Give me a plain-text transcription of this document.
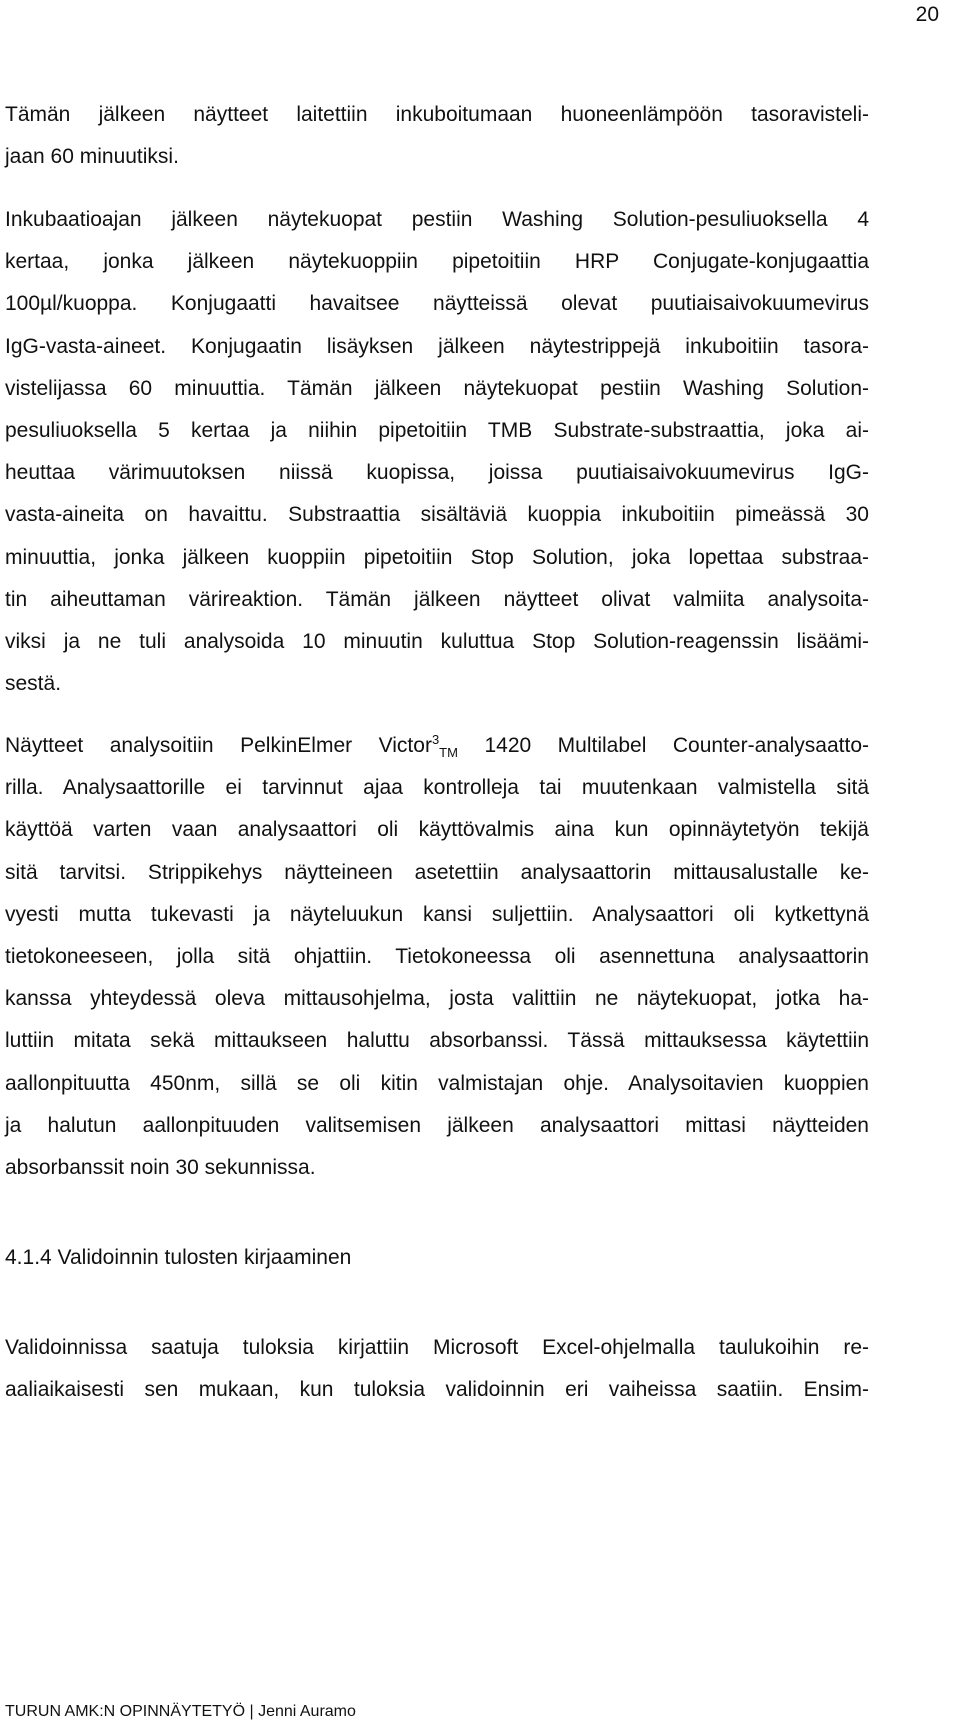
20

Tämän jälkeen näytteet laitettiin inkuboitumaan huoneenlämpöön tasoravisteli-
jaan 60 minuutiksi.

Inkubaatioajan jälkeen näytekuopat pestiin Washing Solution-pesuliuoksella 4
kertaa, jonka jälkeen näytekuoppiin pipetoitiin HRP Conjugate-konjugaattia
100µl/kuoppa. Konjugaatti havaitsee näytteissä olevat puutiaisaivokuumevirus
IgG-vasta-aineet. Konjugaatin lisäyksen jälkeen näytestrippejä inkuboitiin tasora-
vistelijassa 60 minuuttia. Tämän jälkeen näytekuopat pestiin Washing Solution-
pesuliuoksella 5 kertaa ja niihin pipetoitiin TMB Substrate-substraattia, joka ai-
heuttaa värimuutoksen niissä kuopissa, joissa puutiaisaivokuumevirus IgG-
vasta-aineita on havaittu. Substraattia sisältäviä kuoppia inkuboitiin pimeässä 30
minuuttia, jonka jälkeen kuoppiin pipetoitiin Stop Solution, joka lopettaa substraa-
tin aiheuttaman värireaktion. Tämän jälkeen näytteet olivat valmiita analysoita-
viksi ja ne tuli analysoida 10 minuutin kuluttua Stop Solution-reagenssin lisäämi-
sestä.

Näytteet analysoitiin PelkinElmer Victor$^3_{TM}$ 1420 Multilabel Counter-analysaatto-
rilla. Analysaattorille ei tarvinnut ajaa kontrolleja tai muutenkaan valmistella sitä
käyttöä varten vaan analysaattori oli käyttövalmis aina kun opinnäytetyön tekijä
sitä tarvitsi. Strippikehys näytteineen asetettiin analysaattorin mittausalustalle ke-
vyesti mutta tukevasti ja näyteluukun kansi suljettiin. Analysaattori oli kytkettynä
tietokoneeseen, jolla sitä ohjattiin. Tietokoneessa oli asennettuna analysaattorin
kanssa yhteydessä oleva mittausohjelma, josta valittiin ne näytekuopat, jotka ha-
luttiin mitata sekä mittaukseen haluttu absorbanssi. Tässä mittauksessa käytettiin
aallonpituutta 450nm, sillä se oli kitin valmistajan ohje. Analysoitavien kuoppien
ja halutun aallonpituuden valitsemisen jälkeen analysaattori mittasi näytteiden
absorbanssit noin 30 sekunnissa.

4.1.4 Validoinnin tulosten kirjaaminen

Validoinnissa saatuja tuloksia kirjattiin Microsoft Excel-ohjelmalla taulukoihin re-
aaliaikaisesti sen mukaan, kun tuloksia validoinnin eri vaiheissa saatiin. Ensim-

TURUN AMK:N OPINNÄYTETYÖ | Jenni Auramo
